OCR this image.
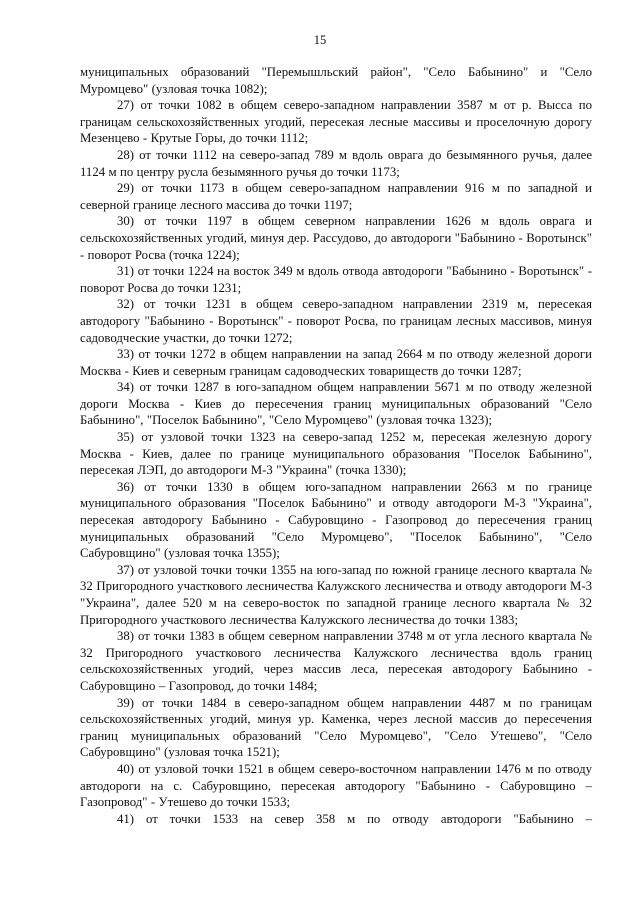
15

муниципальных образований "Перемышльский район", "Село Бабынино" и "Село Муромцево" (узловая точка 1082);

27) от точки 1082 в общем северо-западном направлении 3587 м от р. Высса по границам сельскохозяйственных угодий, пересекая лесные массивы и проселочную дорогу Мезенцево - Крутые Горы, до точки 1112;

28) от точки 1112 на северо-запад 789 м вдоль оврага до безымянного ручья, далее 1124 м по центру русла безымянного ручья до точки 1173;

29) от точки 1173 в общем северо-западном направлении 916 м по западной и северной границе лесного массива до точки 1197;

30) от точки 1197 в общем северном направлении 1626 м вдоль оврага и сельскохозяйственных угодий, минуя дер. Рассудово, до автодороги "Бабынино - Воротынск" - поворот Росва (точка 1224);

31) от точки 1224 на восток 349 м вдоль отвода автодороги "Бабынино - Воротынск" - поворот Росва до точки 1231;

32) от точки 1231 в общем северо-западном направлении 2319 м, пересекая автодорогу "Бабынино - Воротынск" - поворот Росва, по границам лесных массивов, минуя садоводческие участки, до точки 1272;

33) от точки 1272 в общем направлении на запад 2664 м по отводу железной дороги Москва - Киев и северным границам садоводческих товариществ до точки 1287;

34) от точки 1287 в юго-западном общем направлении 5671 м по отводу железной дороги Москва - Киев до пересечения границ муниципальных образований "Село Бабынино", "Поселок Бабынино", "Село Муромцево" (узловая точка 1323);

35) от узловой точки 1323 на северо-запад 1252 м, пересекая железную дорогу Москва - Киев, далее по границе муниципального образования "Поселок Бабынино", пересекая ЛЭП, до автодороги М-3 "Украина" (точка 1330);

36) от точки 1330 в общем юго-западном направлении 2663 м по границе муниципального образования "Поселок Бабынино" и отводу автодороги М-3 "Украина", пересекая автодорогу Бабынино - Сабуровщино - Газопровод до пересечения границ муниципальных образований "Село Муромцево", "Поселок Бабынино", "Село Сабуровщино" (узловая точка 1355);

37) от узловой точки точки 1355 на юго-запад по южной границе лесного квартала № 32 Пригородного участкового лесничества Калужского лесничества и отводу автодороги М-3 "Украина", далее 520 м на северо-восток по западной границе лесного квартала № 32 Пригородного участкового лесничества Калужского лесничества до точки 1383;

38) от точки 1383 в общем северном направлении 3748 м от угла лесного квартала № 32 Пригородного участкового лесничества Калужского лесничества вдоль границ сельскохозяйственных угодий, через массив леса, пересекая автодорогу Бабынино - Сабуровщино – Газопровод, до точки 1484;

39) от точки 1484 в северо-западном общем направлении 4487 м по границам сельскохозяйственных угодий, минуя ур. Каменка, через лесной массив до пересечения границ муниципальных образований "Село Муромцево", "Село Утешево", "Село Сабуровщино" (узловая точка 1521);

40) от узловой точки 1521 в общем северо-восточном направлении 1476 м по отводу автодороги на с. Сабуровщино, пересекая автодорогу "Бабынино - Сабуровщино – Газопровод" - Утешево до точки 1533;

41) от точки 1533 на север 358 м по отводу автодороги "Бабынино –
